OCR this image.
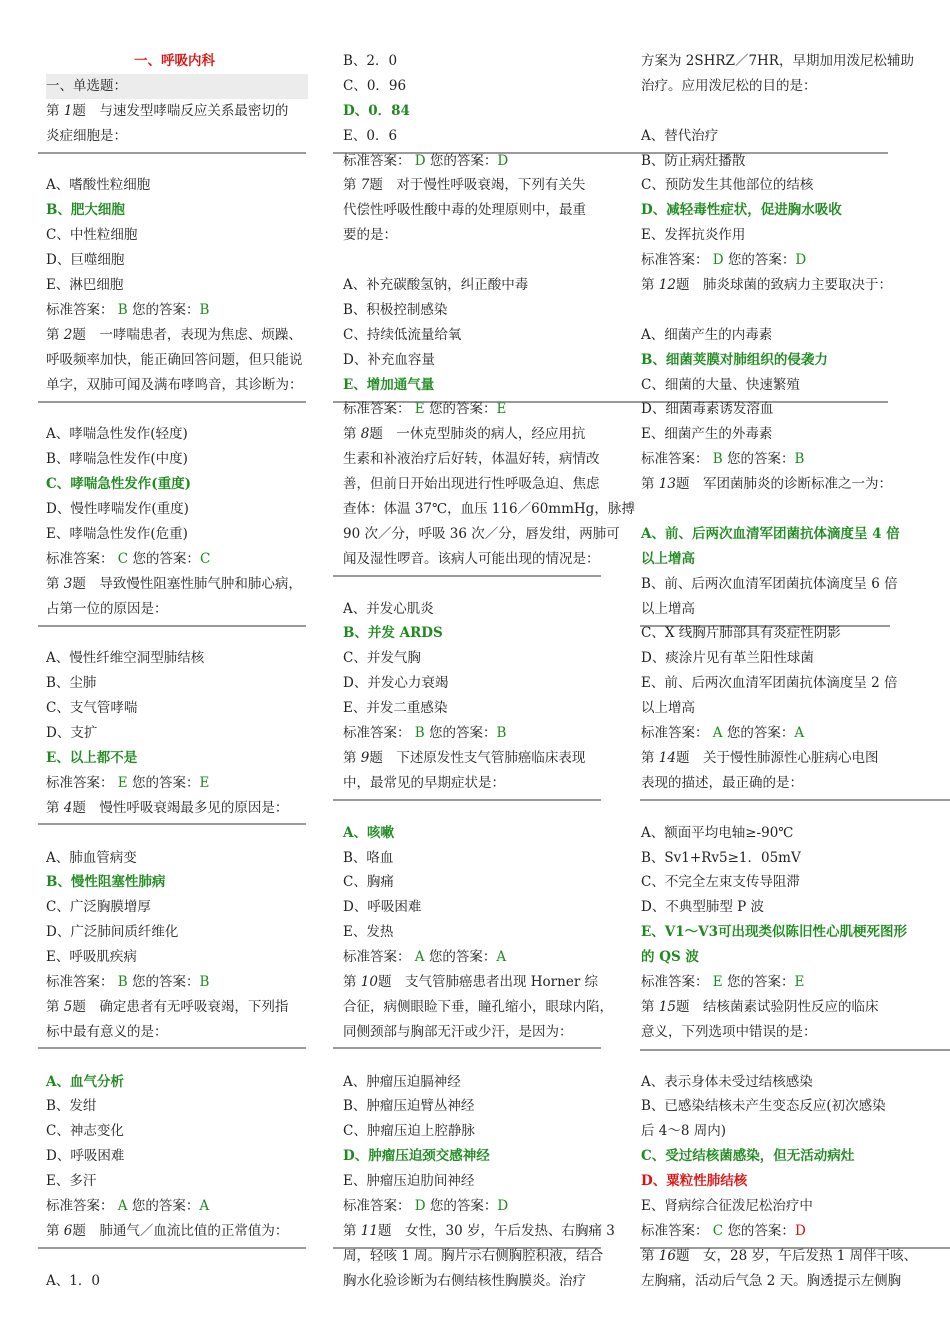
一、呼吸内科
一、单选题：
第 1题　 与速发型哮喘反应关系最密切的
炎症细胞是：
A、嗜酸性粒细胞
B、肥大细胞
C、中性粒细胞
D、巨噬细胞
E、淋巴细胞
标准答案： B 您的答案：B
第 2题　 一哮喘患者，表现为焦虑、烦躁、
呼吸频率加快，能正确回答问题，但只能说
单字，双肺可闻及满布哮鸣音，其诊断为：
A、哮喘急性发作(轻度)
B、哮喘急性发作(中度)
C、哮喘急性发作(重度)
D、慢性哮喘发作(重度)
E、哮喘急性发作(危重)
标准答案： C 您的答案：C
第 3题　 导致慢性阻塞性肺气肿和肺心病，
占第一位的原因是：
A、慢性纤维空洞型肺结核
B、尘肺
C、支气管哮喘
D、支扩
E、以上都不是
标准答案： E 您的答案：E
第 4题　 慢性呼吸衰竭最多见的原因是：
A、肺血管病变
B、慢性阻塞性肺病
C、广泛胸膜增厚
D、广泛肺间质纤维化
E、呼吸肌疾病
标准答案： B 您的答案：B
第 5题　 确定患者有无呼吸衰竭，下列指
标中最有意义的是：
A、血气分析
B、发绀
C、神志变化
D、呼吸困难
E、多汗
标准答案： A 您的答案：A
第 6题　 肺通气／血流比值的正常值为：
A、1．0
B、2．0
C、0．96
D、0．84
E、0．6
标准答案： D 您的答案：D
第 7题　 对于慢性呼吸衰竭，下列有关失
代偿性呼吸性酸中毒的处理原则中，最重
要的是：
A、补充碳酸氢钠，纠正酸中毒
B、积极控制感染
C、持续低流量给氧
D、补充血容量
E、增加通气量
标准答案： E 您的答案：E
第 8题　 一休克型肺炎的病人，经应用抗
生素和补液治疗后好转，体温好转，病情改
善，但前日开始出现进行性呼吸急迫、焦虑
查体：体温 37℃，血压 116／60mmHg，脉搏
90 次／分，呼吸 36 次／分，唇发绀，两肺可
闻及湿性啰音。该病人可能出现的情况是：
A、并发心肌炎
B、并发 ARDS
C、并发气胸
D、并发心力衰竭
E、并发二重感染
标准答案： B 您的答案：B
第 9题　 下述原发性支气管肺癌临床表现
中，最常见的早期症状是：
A、咳嗽
B、咯血
C、胸痛
D、呼吸困难
E、发热
标准答案： A 您的答案：A
第 10题　 支气管肺癌患者出现 Horner 综
合征，病侧眼睑下垂，瞳孔缩小，眼球内陷，
同侧颈部与胸部无汗或少汗，是因为：
A、肿瘤压迫膈神经
B、肿瘤压迫臂丛神经
C、肿瘤压迫上腔静脉
D、肿瘤压迫颈交感神经
E、肿瘤压迫肋间神经
标准答案： D 您的答案：D
第 11题　 女性，30 岁，午后发热、右胸痛 3
周，轻咳 1 周。胸片示右侧胸腔积液，结合
胸水化验诊断为右侧结核性胸膜炎。治疗
方案为 2SHRZ／7HR，早期加用泼尼松辅助
治疗。应用泼尼松的目的是：
A、替代治疗
B、防止病灶播散
C、预防发生其他部位的结核
D、减轻毒性症状，促进胸水吸收
E、发挥抗炎作用
标准答案： D 您的答案：D
第 12题　 肺炎球菌的致病力主要取决于：
A、细菌产生的内毒素
B、细菌荚膜对肺组织的侵袭力
C、细菌的大量、快速繁殖
D、细菌毒素诱发溶血
E、细菌产生的外毒素
标准答案： B 您的答案：B
第 13题　 军团菌肺炎的诊断标准之一为：
A、前、后两次血清军团菌抗体滴度呈 4 倍
以上增高
B、前、后两次血清军团菌抗体滴度呈 6 倍
以上增高
C、X 线胸片肺部具有炎症性阴影
D、痰涂片见有革兰阳性球菌
E、前、后两次血清军团菌抗体滴度呈 2 倍
以上增高
标准答案： A 您的答案：A
第 14题　 关于慢性肺源性心脏病心电图
表现的描述，最正确的是：
A、额面平均电轴≥-90℃
B、Sv1+Rv5≥1．05mV
C、不完全左束支传导阻滞
D、不典型肺型 P 波
E、V1～V3可出现类似陈旧性心肌梗死图形
的 QS 波
标准答案： E 您的答案：E
第 15题　 结核菌素试验阴性反应的临床
意义，下列选项中错误的是：
A、表示身体未受过结核感染
B、已感染结核未产生变态反应(初次感染
后 4～8 周内)
C、受过结核菌感染，但无活动病灶
D、粟粒性肺结核
E、肾病综合征泼尼松治疗中
标准答案： C 您的答案：D
第 16题　 女，28 岁，午后发热 1 周伴干咳、
左胸痛，活动后气急 2 天。胸透提示左侧胸
